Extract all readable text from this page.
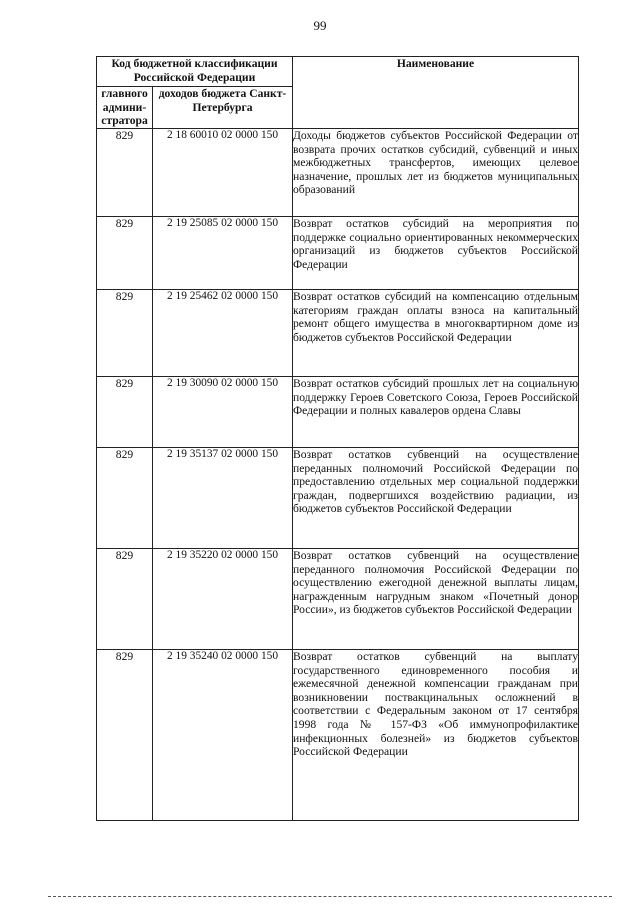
99
Код бюджетной классификации Российской Федерации		Наименование
главного админи-стратора	доходов бюджета Санкт-Петербурга	
829	2 18 60010 02 0000 150	Доходы бюджетов субъектов Российской Федерации от возврата прочих остатков субсидий, субвенций и иных межбюджетных трансфертов, имеющих целевое назначение, прошлых лет из бюджетов муниципальных образований
829	2 19 25085 02 0000 150	Возврат остатков субсидий на мероприятия по поддержке социально ориентированных некоммерческих организаций из бюджетов субъектов Российской Федерации
829	2 19 25462 02 0000 150	Возврат остатков субсидий на компенсацию отдельным категориям граждан оплаты взноса на капитальный ремонт общего имущества в многоквартирном доме из бюджетов субъектов Российской Федерации
829	2 19 30090 02 0000 150	Возврат остатков субсидий прошлых лет на социальную поддержку Героев Советского Союза, Героев Российской Федерации и полных кавалеров ордена Славы
829	2 19 35137 02 0000 150	Возврат остатков субвенций на осуществление переданных полномочий Российской Федерации по предоставлению отдельных мер социальной поддержки граждан, подвергшихся воздействию радиации, из бюджетов субъектов Российской Федерации
829	2 19 35220 02 0000 150	Возврат остатков субвенций на осуществление переданного полномочия Российской Федерации по осуществлению ежегодной денежной выплаты лицам, награжденным нагрудным знаком «Почетный донор России», из бюджетов субъектов Российской Федерации
829	2 19 35240 02 0000 150	Возврат остатков субвенций на выплату государственного единовременного пособия и ежемесячной денежной компенсации гражданам при возникновении поствакцинальных осложнений в соответствии с Федеральным законом от 17 сентября 1998 года № 157-ФЗ «Об иммунопрофилактике инфекционных болезней» из бюджетов субъектов Российской Федерации
